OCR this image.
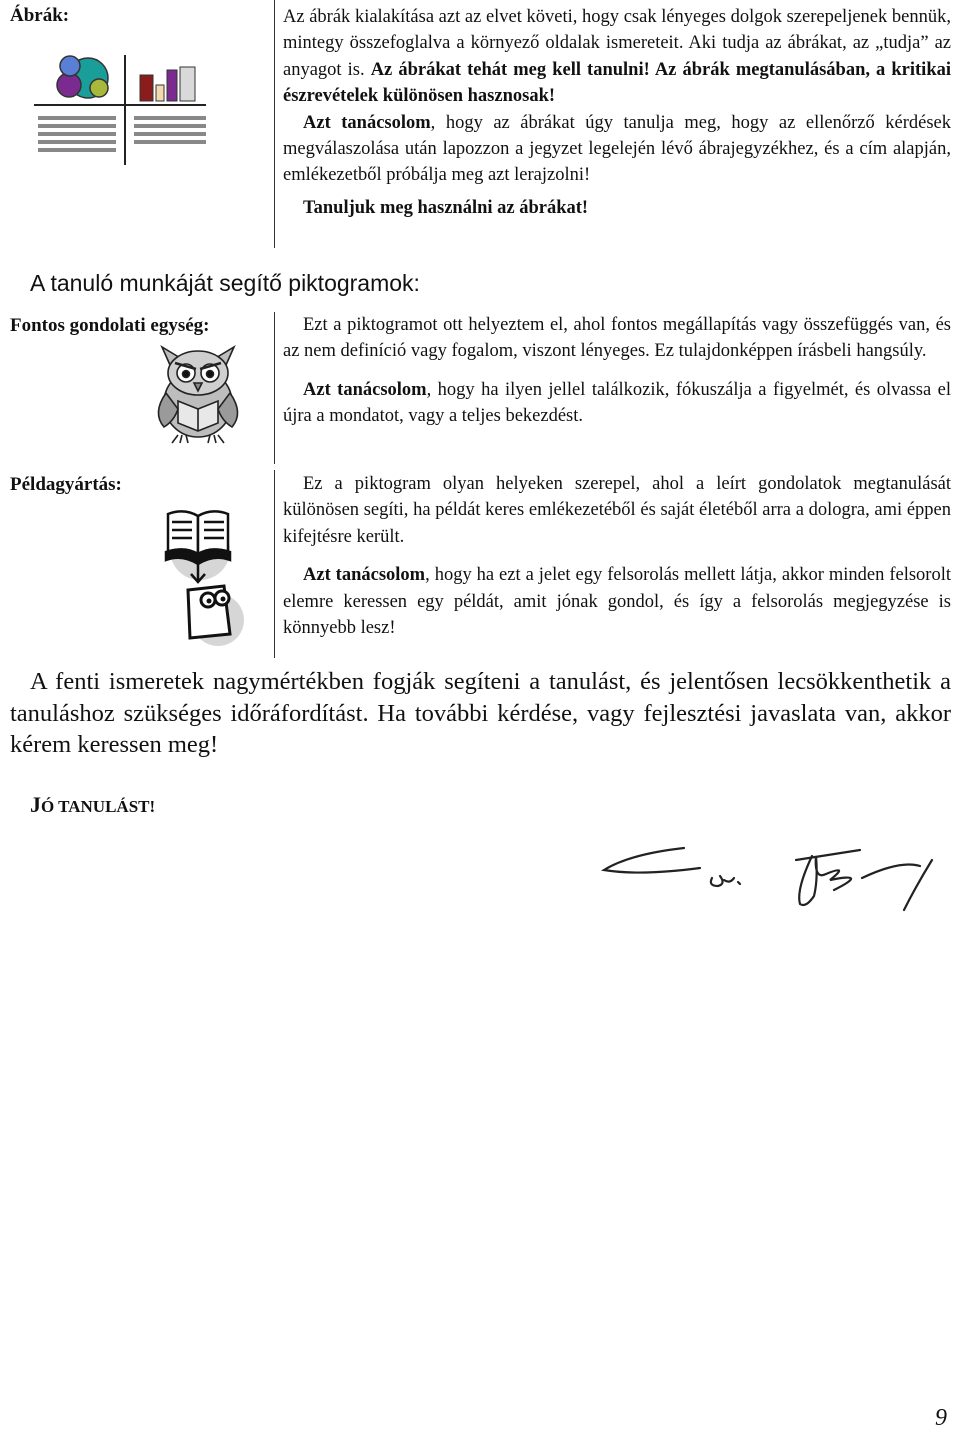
Ábrák:	Az ábrák kialakítása azt az elvet követi, hogy csak lényeges dolgok szerepeljenek bennük, mintegy összefoglalva a környező oldalak ismereteit. Aki tudja az ábrákat, az „tudja” az anyagot is. Az ábrákat tehát meg kell tanulni! Az ábrák megtanulásában, a kritikai észrevételek különösen hasznosak!

Azt tanácsolom, hogy az ábrákat úgy tanulja meg, hogy az ellenőrző kérdések megválaszolása után lapozzon a jegyzet legelején lévő ábrajegyzékhez, és a cím alapján, emlékezetből próbálja meg azt lerajzolni!

Tanuljuk meg használni az ábrákat!

A tanuló munkáját segítő piktogramok:
Fontos gondolati egység:	Ezt a piktogramot ott helyeztem el, ahol fontos megállapítás vagy összefüggés van, és az nem definíció vagy fogalom, viszont lényeges. Ez tulajdonképpen írásbeli hangsúly.

Azt tanácsolom, hogy ha ilyen jellel találkozik, fókuszálja a figyelmét, és olvassa el újra a mondatot, vagy a teljes bekezdést.

Példagyártás:	Ez a piktogram olyan helyeken szerepel, ahol a leírt gondolatok megtanulását különösen segíti, ha példát keres emlékezetéből és saját életéből arra a dologra, ami éppen kifejtésre került.

Azt tanácsolom, hogy ha ezt a jelet egy felsorolás mellett látja, akkor minden felsorolt elemre keressen egy példát, amit jónak gondol, és így a felsorolás megjegyzése is könnyebb lesz!

A fenti ismeretek nagymértékben fogják segíteni a tanulást, és jelentősen lecsökkenthetik a tanuláshoz szükséges időráfordítást. Ha további kérdése, vagy fejlesztési javaslata van, akkor kérem keressen meg!
JÓ TANULÁST!
9
